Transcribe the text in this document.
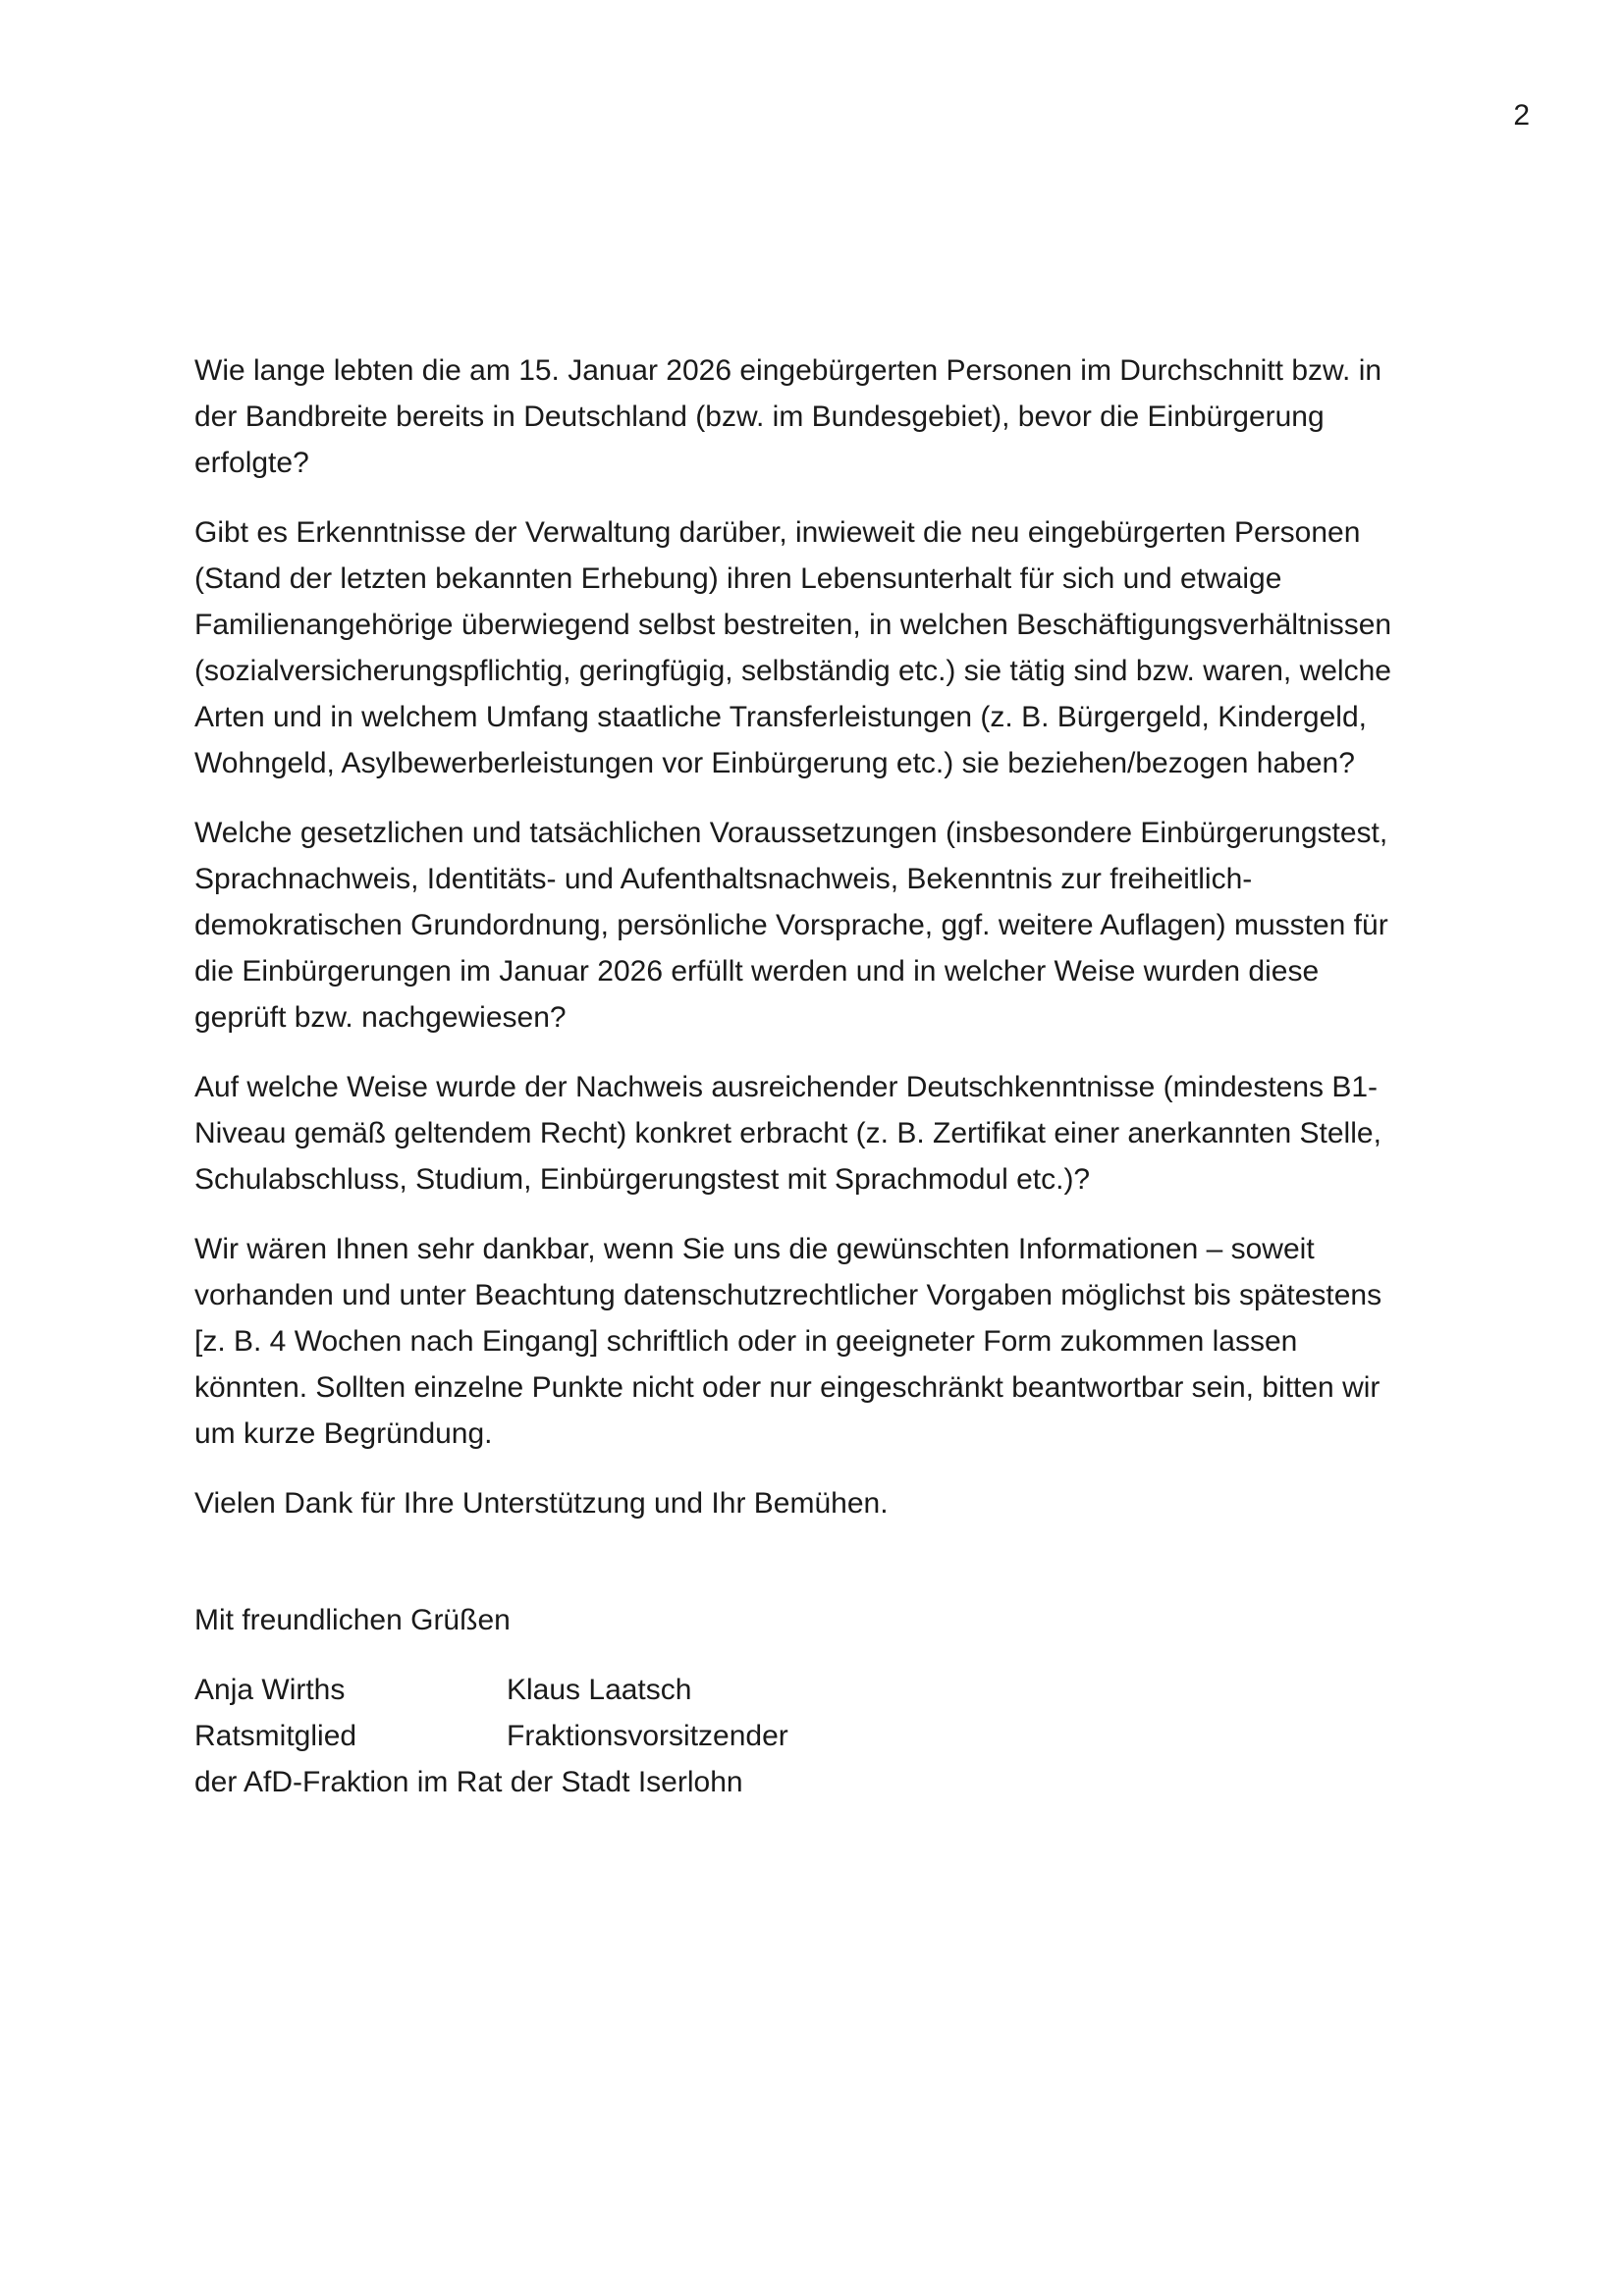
2

Wie lange lebten die am 15. Januar 2026 eingebürgerten Personen im Durchschnitt bzw. in der Bandbreite bereits in Deutschland (bzw. im Bundesgebiet), bevor die Einbürgerung erfolgte?

Gibt es Erkenntnisse der Verwaltung darüber, inwieweit die neu eingebürgerten Personen (Stand der letzten bekannten Erhebung) ihren Lebensunterhalt für sich und etwaige Familienangehörige überwiegend selbst bestreiten, in welchen Beschäftigungsverhältnissen (sozialversicherungspflichtig, geringfügig, selbständig etc.) sie tätig sind bzw. waren, welche Arten und in welchem Umfang staatliche Transferleistungen (z. B. Bürgergeld, Kindergeld, Wohngeld, Asylbewerberleistungen vor Einbürgerung etc.) sie beziehen/bezogen haben?

Welche gesetzlichen und tatsächlichen Voraussetzungen (insbesondere Einbürgerungstest, Sprachnachweis, Identitäts- und Aufenthaltsnachweis, Bekenntnis zur freiheitlich-demokratischen Grundordnung, persönliche Vorsprache, ggf. weitere Auflagen) mussten für die Einbürgerungen im Januar 2026 erfüllt werden und in welcher Weise wurden diese geprüft bzw. nachgewiesen?

Auf welche Weise wurde der Nachweis ausreichender Deutschkenntnisse (mindestens B1-Niveau gemäß geltendem Recht) konkret erbracht (z. B. Zertifikat einer anerkannten Stelle, Schulabschluss, Studium, Einbürgerungstest mit Sprachmodul etc.)?

Wir wären Ihnen sehr dankbar, wenn Sie uns die gewünschten Informationen – soweit vorhanden und unter Beachtung datenschutzrechtlicher Vorgaben möglichst bis spätestens [z. B. 4 Wochen nach Eingang] schriftlich oder in geeigneter Form zukommen lassen könnten. Sollten einzelne Punkte nicht oder nur eingeschränkt beantwortbar sein, bitten wir um kurze Begründung.

Vielen Dank für Ihre Unterstützung und Ihr Bemühen.

Mit freundlichen Grüßen

Anja Wirths	Klaus Laatsch
Ratsmitglied	Fraktionsvorsitzender
der AfD-Fraktion im Rat der Stadt Iserlohn
